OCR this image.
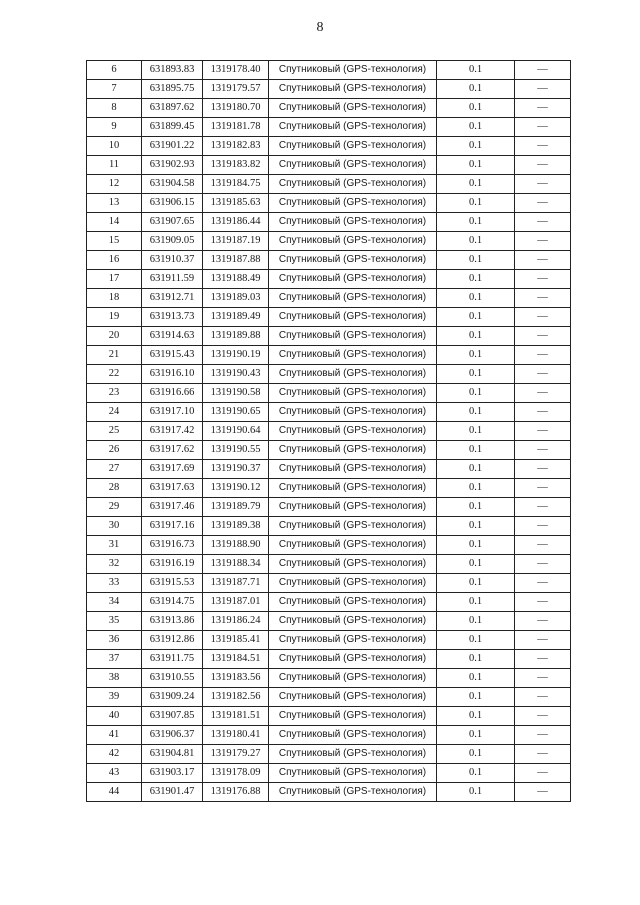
8
6	631893.83	1319178.40	Спутниковый (GPS-технология)	0.1	—
7	631895.75	1319179.57	Спутниковый (GPS-технология)	0.1	—
8	631897.62	1319180.70	Спутниковый (GPS-технология)	0.1	—
9	631899.45	1319181.78	Спутниковый (GPS-технология)	0.1	—
10	631901.22	1319182.83	Спутниковый (GPS-технология)	0.1	—
11	631902.93	1319183.82	Спутниковый (GPS-технология)	0.1	—
12	631904.58	1319184.75	Спутниковый (GPS-технология)	0.1	—
13	631906.15	1319185.63	Спутниковый (GPS-технология)	0.1	—
14	631907.65	1319186.44	Спутниковый (GPS-технология)	0.1	—
15	631909.05	1319187.19	Спутниковый (GPS-технология)	0.1	—
16	631910.37	1319187.88	Спутниковый (GPS-технология)	0.1	—
17	631911.59	1319188.49	Спутниковый (GPS-технология)	0.1	—
18	631912.71	1319189.03	Спутниковый (GPS-технология)	0.1	—
19	631913.73	1319189.49	Спутниковый (GPS-технология)	0.1	—
20	631914.63	1319189.88	Спутниковый (GPS-технология)	0.1	—
21	631915.43	1319190.19	Спутниковый (GPS-технология)	0.1	—
22	631916.10	1319190.43	Спутниковый (GPS-технология)	0.1	—
23	631916.66	1319190.58	Спутниковый (GPS-технология)	0.1	—
24	631917.10	1319190.65	Спутниковый (GPS-технология)	0.1	—
25	631917.42	1319190.64	Спутниковый (GPS-технология)	0.1	—
26	631917.62	1319190.55	Спутниковый (GPS-технология)	0.1	—
27	631917.69	1319190.37	Спутниковый (GPS-технология)	0.1	—
28	631917.63	1319190.12	Спутниковый (GPS-технология)	0.1	—
29	631917.46	1319189.79	Спутниковый (GPS-технология)	0.1	—
30	631917.16	1319189.38	Спутниковый (GPS-технология)	0.1	—
31	631916.73	1319188.90	Спутниковый (GPS-технология)	0.1	—
32	631916.19	1319188.34	Спутниковый (GPS-технология)	0.1	—
33	631915.53	1319187.71	Спутниковый (GPS-технология)	0.1	—
34	631914.75	1319187.01	Спутниковый (GPS-технология)	0.1	—
35	631913.86	1319186.24	Спутниковый (GPS-технология)	0.1	—
36	631912.86	1319185.41	Спутниковый (GPS-технология)	0.1	—
37	631911.75	1319184.51	Спутниковый (GPS-технология)	0.1	—
38	631910.55	1319183.56	Спутниковый (GPS-технология)	0.1	—
39	631909.24	1319182.56	Спутниковый (GPS-технология)	0.1	—
40	631907.85	1319181.51	Спутниковый (GPS-технология)	0.1	—
41	631906.37	1319180.41	Спутниковый (GPS-технология)	0.1	—
42	631904.81	1319179.27	Спутниковый (GPS-технология)	0.1	—
43	631903.17	1319178.09	Спутниковый (GPS-технология)	0.1	—
44	631901.47	1319176.88	Спутниковый (GPS-технология)	0.1	—
